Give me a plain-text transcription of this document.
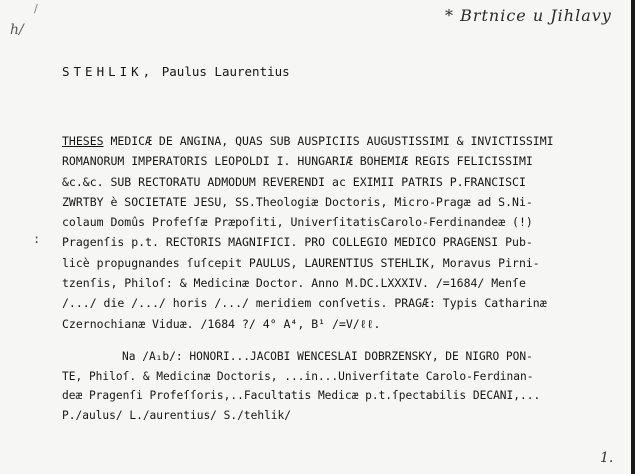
/
h/
* Brtnice u Jihlavy
STEHLIK, Paulus Laurentius
:
THESES MEDICÆ DE ANGINA, QUAS SUB AUSPICIIS AUGUSTISSIMI & INVICTISSIMI
ROMANORUM IMPERATORIS LEOPOLDI I. HUNGARIÆ BOHEMIÆ REGIS FELICISSIMI
&c.&c. SUB RECTORATU ADMODUM REVERENDI ac EXIMII PATRIS P.FRANCISCI
ZWRTBY è SOCIETATE JESU, SS.Theologiæ Doctoris, Micro-Pragæ ad S.Ni-
colaum Domûs Profeſſæ Præpoſiti, UniverſitatisCarolo-Ferdinandeæ (!)
Pragenſis p.t. RECTORIS MAGNIFICI. PRO COLLEGIO MEDICO PRAGENSI Pub-
licè propugnandes ſuſcepit PAULUS, LAURENTIUS STEHLIK, Moravus Pirni-
tzenſis, Philoſ: & Medicinæ Doctor. Anno M.DC.LXXXIV. /=1684/ Menſe
/.../ die /.../ horis /.../ meridiem conſvetis. PRAGÆ: Typis Catharinæ
Czernochianæ Viduæ. /1684 ?/ 4° A⁴, B¹ /=V/ℓℓ.
Na /A₁b/: HONORI...JACOBI WENCESLAI DOBRZENSKY, DE NIGRO PON-
TE, Philoſ. & Medicinæ Doctoris, ...in...Univerſitate Carolo-Ferdinan-
deæ Pragenſi Profeſſoris,..Facultatis Medicæ p.t.ſpectabilis DECANI,...
P./aulus/ L./aurentius/ S./tehlik/
1.
